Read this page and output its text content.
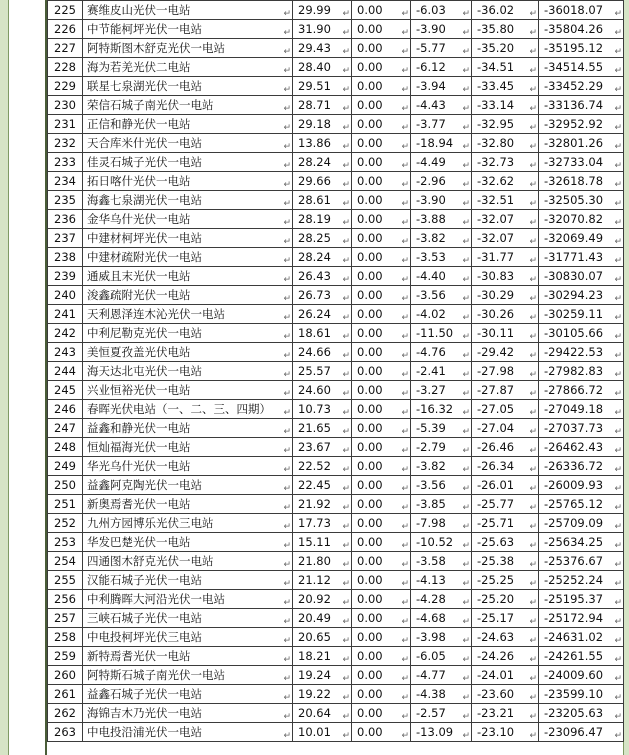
225	赛维皮山光伏一电站 ↵	29.99 ↵	0.00 ↵	-6.03 ↵	-36.02 ↵	-36018.07 ↵

226	中节能柯坪光伏一电站 ↵	31.90 ↵	0.00 ↵	-3.90 ↵	-35.80 ↵	-35804.26 ↵

227	阿特斯图木舒克光伏一电站 ↵	29.43 ↵	0.00 ↵	-5.77 ↵	-35.20 ↵	-35195.12 ↵

228	海为若羌光伏二电站 ↵	28.40 ↵	0.00 ↵	-6.12 ↵	-34.51 ↵	-34514.55 ↵

229	联星七泉湖光伏一电站 ↵	29.51 ↵	0.00 ↵	-3.94 ↵	-33.45 ↵	-33452.29 ↵

230	荣信石城子南光伏一电站 ↵	28.71 ↵	0.00 ↵	-4.43 ↵	-33.14 ↵	-33136.74 ↵

231	正信和静光伏一电站 ↵	29.18 ↵	0.00 ↵	-3.77 ↵	-32.95 ↵	-32952.92 ↵

232	天合库米什光伏一电站 ↵	13.86 ↵	0.00 ↵	-18.94 ↵	-32.80 ↵	-32801.26 ↵

233	佳灵石城子光伏一电站 ↵	28.24 ↵	0.00 ↵	-4.49 ↵	-32.73 ↵	-32733.04 ↵

234	拓日喀什光伏一电站 ↵	29.66 ↵	0.00 ↵	-2.96 ↵	-32.62 ↵	-32618.78 ↵

235	海鑫七泉湖光伏一电站 ↵	28.61 ↵	0.00 ↵	-3.90 ↵	-32.51 ↵	-32505.30 ↵

236	金华乌什光伏一电站 ↵	28.19 ↵	0.00 ↵	-3.88 ↵	-32.07 ↵	-32070.82 ↵

237	中建材柯坪光伏一电站 ↵	28.25 ↵	0.00 ↵	-3.82 ↵	-32.07 ↵	-32069.49 ↵

238	中建材疏附光伏一电站 ↵	28.24 ↵	0.00 ↵	-3.53 ↵	-31.77 ↵	-31771.43 ↵

239	通威且末光伏一电站 ↵	26.43 ↵	0.00 ↵	-4.40 ↵	-30.83 ↵	-30830.07 ↵

240	浚鑫疏附光伏一电站 ↵	26.73 ↵	0.00 ↵	-3.56 ↵	-30.29 ↵	-30294.23 ↵

241	天利恩泽连木沁光伏一电站 ↵	26.24 ↵	0.00 ↵	-4.02 ↵	-30.26 ↵	-30259.11 ↵

242	中利尼勒克光伏一电站 ↵	18.61 ↵	0.00 ↵	-11.50 ↵	-30.11 ↵	-30105.66 ↵

243	美恒夏孜盖光伏电站 ↵	24.66 ↵	0.00 ↵	-4.76 ↵	-29.42 ↵	-29422.53 ↵

244	海天达北屯光伏一电站 ↵	25.57 ↵	0.00 ↵	-2.41 ↵	-27.98 ↵	-27982.83 ↵

245	兴业恒裕光伏一电站 ↵	24.60 ↵	0.00 ↵	-3.27 ↵	-27.87 ↵	-27866.72 ↵

246	春晖光伏电站（一、二、三、四期） ↵	10.73 ↵	0.00 ↵	-16.32 ↵	-27.05 ↵	-27049.18 ↵

247	益鑫和静光伏一电站 ↵	21.65 ↵	0.00 ↵	-5.39 ↵	-27.04 ↵	-27037.73 ↵

248	恒灿福海光伏一电站 ↵	23.67 ↵	0.00 ↵	-2.79 ↵	-26.46 ↵	-26462.43 ↵

249	华光乌什光伏一电站 ↵	22.52 ↵	0.00 ↵	-3.82 ↵	-26.34 ↵	-26336.72 ↵

250	益鑫阿克陶光伏一电站 ↵	22.45 ↵	0.00 ↵	-3.56 ↵	-26.01 ↵	-26009.93 ↵

251	新奥焉耆光伏一电站 ↵	21.92 ↵	0.00 ↵	-3.85 ↵	-25.77 ↵	-25765.12 ↵

252	九州方园博乐光伏三电站 ↵	17.73 ↵	0.00 ↵	-7.98 ↵	-25.71 ↵	-25709.09 ↵

253	华发巴楚光伏一电站 ↵	15.11 ↵	0.00 ↵	-10.52 ↵	-25.63 ↵	-25634.25 ↵

254	四通图木舒克光伏一电站 ↵	21.80 ↵	0.00 ↵	-3.58 ↵	-25.38 ↵	-25376.67 ↵

255	汉能石城子光伏一电站 ↵	21.12 ↵	0.00 ↵	-4.13 ↵	-25.25 ↵	-25252.24 ↵

256	中利腾晖大河沿光伏一电站 ↵	20.92 ↵	0.00 ↵	-4.28 ↵	-25.20 ↵	-25195.37 ↵

257	三峡石城子光伏一电站 ↵	20.49 ↵	0.00 ↵	-4.68 ↵	-25.17 ↵	-25172.94 ↵

258	中电投柯坪光伏三电站 ↵	20.65 ↵	0.00 ↵	-3.98 ↵	-24.63 ↵	-24631.02 ↵

259	新特焉耆光伏一电站 ↵	18.21 ↵	0.00 ↵	-6.05 ↵	-24.26 ↵	-24261.55 ↵

260	阿特斯石城子南光伏一电站 ↵	19.24 ↵	0.00 ↵	-4.77 ↵	-24.01 ↵	-24009.60 ↵

261	益鑫石城子光伏一电站 ↵	19.22 ↵	0.00 ↵	-4.38 ↵	-23.60 ↵	-23599.10 ↵

262	海锦吉木乃光伏一电站 ↵	20.64 ↵	0.00 ↵	-2.57 ↵	-23.21 ↵	-23205.63 ↵

263	中电投沿浦光伏一电站 ↵	10.01 ↵	0.00 ↵	-13.09 ↵	-23.10 ↵	-23096.47 ↵
